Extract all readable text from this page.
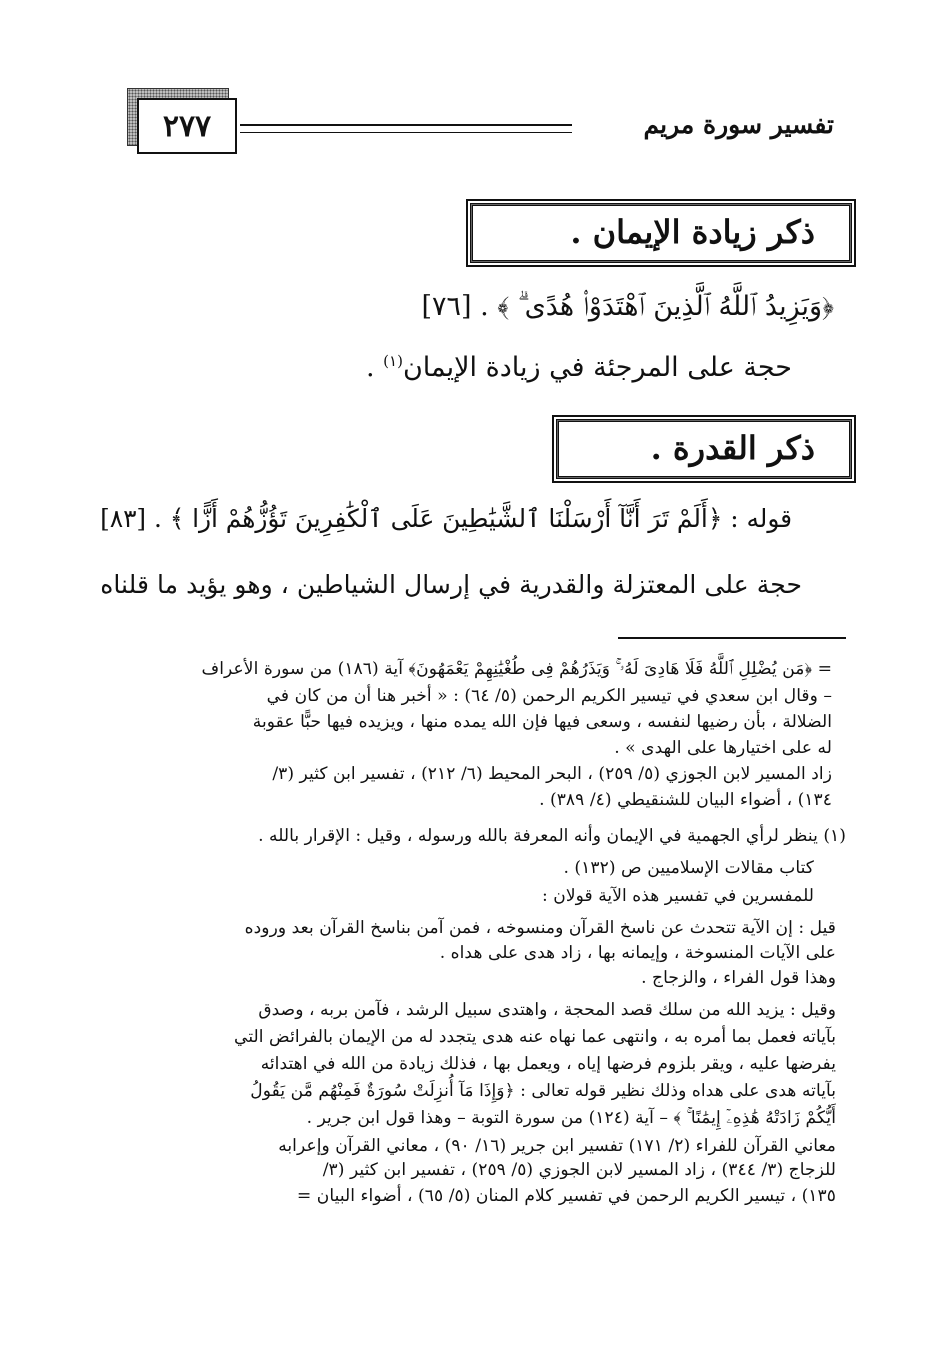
٢٧٧	تفسير سورة مريم
ذكر زيادة الإيمان .
﴿وَيَزِيدُ ٱللَّهُ ٱلَّذِينَ ٱهْتَدَوْا۟ هُدًى ۗ ﴾ . [٧٦]
حجة على المرجئة في زيادة الإيمان$^{(١)}$ .
ذكر القدرة .
قوله : ﴿أَلَمْ تَرَ أَنَّآ أَرْسَلْنَا ٱلشَّيَٰطِينَ عَلَى ٱلْكَٰفِرِينَ تَؤُزُّهُمْ أَزًّا ﴾ . [٨٣]
حجة على المعتزلة والقدرية في إرسال الشياطين ، وهو يؤيد ما قلناه
= ﴿مَن يُضْلِلِ ٱللَّهُ فَلَا هَادِىَ لَهُۥ ۚ وَيَذَرُهُمْ فِى طُغْيَٰنِهِمْ يَعْمَهُونَ﴾ آية (١٨٦) من سورة الأعراف
– وقال ابن سعدي في تيسير الكريم الرحمن (٥/ ٦٤) : « أخبر هنا أن من كان في
الضلالة ، بأن رضيها لنفسه ، وسعى فيها فإن الله يمده منها ، ويزيده فيها حبًّا عقوبة
له على اختيارها على الهدى » .
زاد المسير لابن الجوزي (٥/ ٢٥٩) ، البحر المحيط (٦/ ٢١٢) ، تفسير ابن كثير (٣/
١٣٤) ، أضواء البيان للشنقيطي (٤/ ٣٨٩) .
(١) ينظر لرأي الجهمية في الإيمان وأنه المعرفة بالله ورسوله ، وقيل : الإقرار بالله .
كتاب مقالات الإسلاميين ص (١٣٢) .
للمفسرين في تفسير هذه الآية قولان :
قيل : إن الآية تتحدث عن ناسخ القرآن ومنسوخه ، فمن آمن بناسخ القرآن بعد وروده
على الآيات المنسوخة ، وإيمانه بها ، زاد هدى على هداه .
وهذا قول الفراء ، والزجاج .
وقيل : يزيد الله من سلك قصد المحجة ، واهتدى سبيل الرشد ، فآمن بربه ، وصدق
بآياته فعمل بما أمره به ، وانتهى عما نهاه عنه هدى يتجدد له من الإيمان بالفرائض التي
يفرضها عليه ، ويقر بلزوم فرضها إياه ، ويعمل بها ، فذلك زيادة من الله في اهتدائه
بآياته هدى على هداه وذلك نظير قوله تعالى : ﴿وَإِذَا مَآ أُنزِلَتْ سُورَةٌ فَمِنْهُم مَّن يَقُولُ
أَيُّكُمْ زَادَتْهُ هَٰذِهِۦٓ إِيمَٰنًا ۚ ﴾ – آية (١٢٤) من سورة التوبة – وهذا قول ابن جرير .
معاني القرآن للفراء (٢/ ١٧١) تفسير ابن جرير (١٦/ ٩٠) ، معاني القرآن وإعرابه
للزجاج (٣/ ٣٤٤) ، زاد المسير لابن الجوزي (٥/ ٢٥٩) ، تفسير ابن كثير (٣/
١٣٥) ، تيسير الكريم الرحمن في تفسير كلام المنان (٥/ ٦٥) ، أضواء البيان =
